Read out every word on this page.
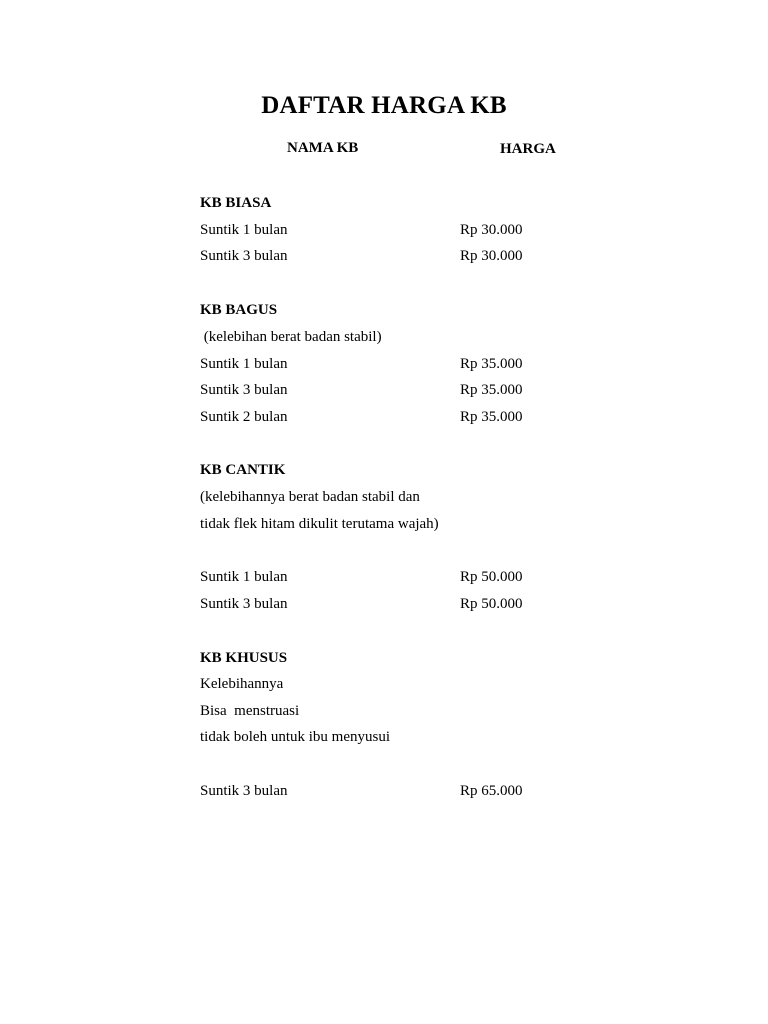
DAFTAR HARGA KB
NAMA KB	HARGA
KB BIASA
Suntik 1 bulan	Rp 30.000
Suntik 3 bulan	Rp 30.000
KB BAGUS
(kelebihan berat badan stabil)
Suntik 1 bulan	Rp 35.000
Suntik 3 bulan	Rp 35.000
Suntik 2 bulan	Rp 35.000
KB CANTIK
(kelebihannya berat badan stabil dan
tidak flek hitam dikulit terutama wajah)
Suntik 1 bulan	Rp 50.000
Suntik 3 bulan	Rp 50.000
KB KHUSUS
Kelebihannya
Bisa  menstruasi
tidak boleh untuk ibu menyusui
Suntik 3 bulan	Rp 65.000
